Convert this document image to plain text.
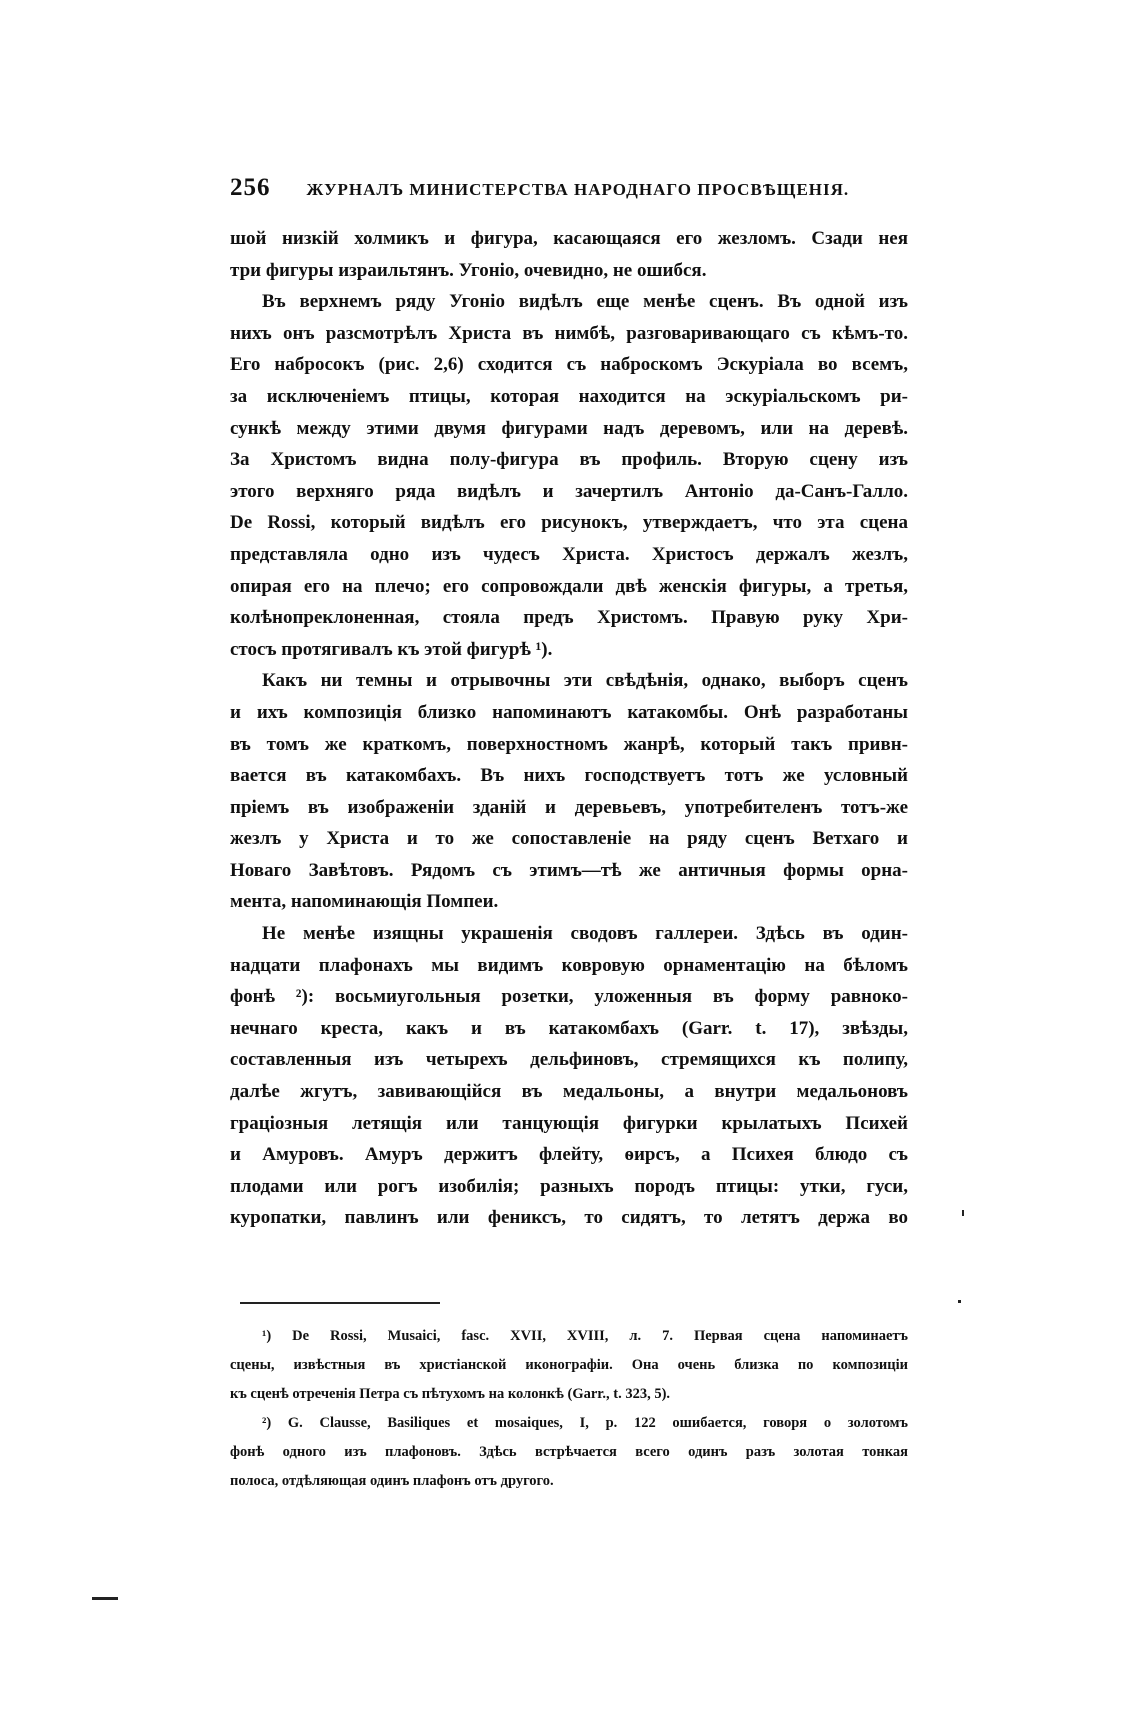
256 ЖУРНАЛЪ МИНИСТЕРСТВА НАРОДНАГО ПРОСВѢЩЕНІЯ.
шой низкій холмикъ и фигура, касающаяся его жезломъ. Сзади нея
три фигуры израильтянъ. Угоніо, очевидно, не ошибся.
Въ верхнемъ ряду Угоніо видѣлъ еще менѣе сценъ. Въ одной изъ
нихъ онъ разсмотрѣлъ Христа въ нимбѣ, разговаривающаго съ кѣмъ-то.
Его набросокъ (рис. 2,6) сходится съ наброскомъ Эскуріала во всемъ,
за исключеніемъ птицы, которая находится на эскуріальскомъ ри-
сункѣ между этими двумя фигурами надъ деревомъ, или на деревѣ.
За Христомъ видна полу-фигура въ профиль. Вторую сцену изъ
этого верхняго ряда видѣлъ и зачертилъ Антоніо да-Санъ-Галло.
De Rossi, который видѣлъ его рисунокъ, утверждаетъ, что эта сцена
представляла одно изъ чудесъ Христа. Христосъ держалъ жезлъ,
опирая его на плечо; его сопровождали двѣ женскія фигуры, а третья,
колѣнопреклоненная, стояла предъ Христомъ. Правую руку Хри-
стосъ протягивалъ къ этой фигурѣ ¹).
Какъ ни темны и отрывочны эти свѣдѣнія, однако, выборъ сценъ
и ихъ композиція близко напоминаютъ катакомбы. Онѣ разработаны
въ томъ же краткомъ, поверхностномъ жанрѣ, который такъ привн-
вается въ катакомбахъ. Въ нихъ господствуетъ тотъ же условный
пріемъ въ изображеніи зданій и деревьевъ, употребителенъ тотъ-же
жезлъ у Христа и то же сопоставленіе на ряду сценъ Ветхаго и
Новаго Завѣтовъ. Рядомъ съ этимъ—тѣ же античныя формы орна-
мента, напоминающія Помпеи.
Не менѣе изящны украшенія сводовъ галлереи. Здѣсь въ один-
надцати плафонахъ мы видимъ ковровую орнаментацію на бѣломъ
фонѣ ²): восьмиугольныя розетки, уложенныя въ форму равноко-
нечнаго креста, какъ и въ катакомбахъ (Garr. t. 17), звѣзды,
составленныя изъ четырехъ дельфиновъ, стремящихся къ полипу,
далѣе жгутъ, завивающійся въ медальоны, а внутри медальоновъ
граціозныя летящія или танцующія фигурки крылатыхъ Психей
и Амуровъ. Амуръ держитъ флейту, ѳирсъ, а Психея блюдо съ
плодами или рогъ изобилія; разныхъ породъ птицы: утки, гуси,
куропатки, павлинъ или фениксъ, то сидятъ, то летятъ держа во
¹) De Rossi, Musaici, fasc. XVII, XVIII, л. 7. Первая сцена напоминаетъ
сцены, извѣстныя въ христіанской иконографіи. Она очень близка по композиціи
къ сценѣ отреченія Петра съ пѣтухомъ на колонкѣ (Garr., t. 323, 5).
²) G. Clausse, Basiliques et mosaiques, I, p. 122 ошибается, говоря о золотомъ
фонѣ одного изъ плафоновъ. Здѣсь встрѣчается всего одинъ разъ золотая тонкая
полоса, отдѣляющая одинъ плафонъ отъ другого.
